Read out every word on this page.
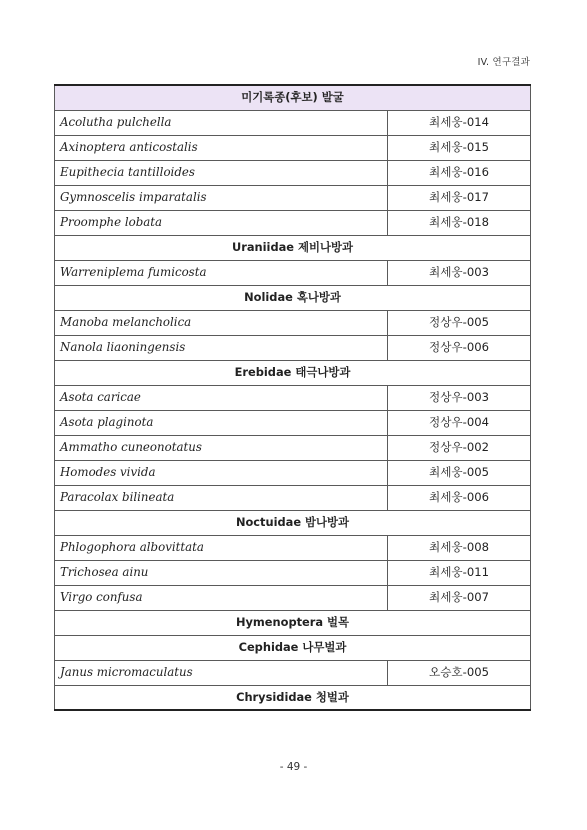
IV. 연구결과
미기록종(후보) 발굴	
Acolutha pulchella	최세웅-014
Axinoptera anticostalis	최세웅-015
Eupithecia tantilloides	최세웅-016
Gymnoscelis imparatalis	최세웅-017
Proomphe lobata	최세웅-018
Uraniidae 제비나방과	
Warreniplema fumicosta	최세웅-003
Nolidae 혹나방과	
Manoba melancholica	정상우-005
Nanola liaoningensis	정상우-006
Erebidae 태극나방과	
Asota caricae	정상우-003
Asota plaginota	정상우-004
Ammatho cuneonotatus	정상우-002
Homodes vivida	최세웅-005
Paracolax bilineata	최세웅-006
Noctuidae 밤나방과	
Phlogophora albovittata	최세웅-008
Trichosea ainu	최세웅-011
Virgo confusa	최세웅-007
Hymenoptera 벌목	
Cephidae 나무벌과	
Janus micromaculatus	오승호-005
Chrysididae 청벌과	
- 49 -
